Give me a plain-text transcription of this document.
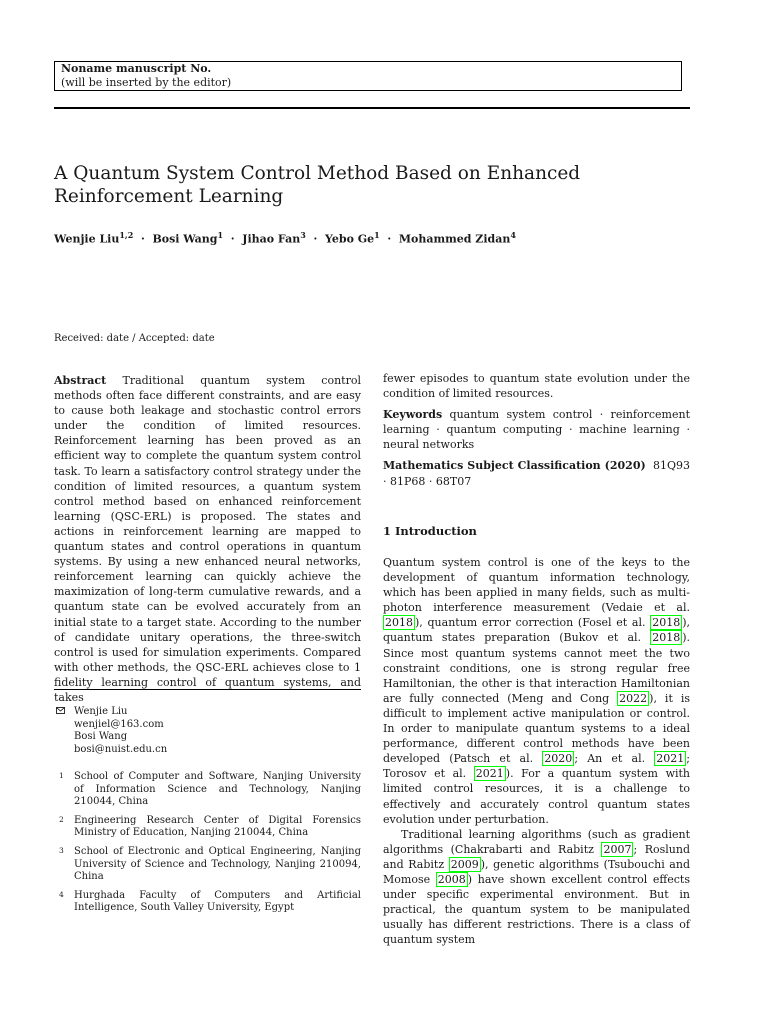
Noname manuscript No.
(will be inserted by the editor)
A Quantum System Control Method Based on Enhanced Reinforcement Learning

Wenjie Liu$^{1,2}$  ·  Bosi Wang$^1$  ·  Jihao Fan$^3$  ·  Yebo Ge$^1$  ·  Mohammed Zidan$^4$

Received: date / Accepted: date

Abstract Traditional quantum system control methods often face different constraints, and are easy to cause both leakage and stochastic control errors under the condition of limited resources. Reinforcement learning has been proved as an efficient way to complete the quantum system control task. To learn a satisfactory control strategy under the condition of limited resources, a quantum system control method based on enhanced reinforcement learning (QSC-ERL) is proposed. The states and actions in reinforcement learning are mapped to quantum states and control operations in quantum systems. By using a new enhanced neural networks, reinforcement learning can quickly achieve the maximization of long-term cumulative rewards, and a quantum state can be evolved accurately from an initial state to a target state. According to the number of candidate unitary operations, the three-switch control is used for simulation experiments. Compared with other methods, the QSC-ERL achieves close to 1 fidelity learning control of quantum systems, and takes

Wenjie Liu
wenjiel@163.com
Bosi Wang
bosi@nuist.edu.cn
1	School of Computer and Software, Nanjing University of Information Science and Technology, Nanjing 210044, China
2	Engineering Research Center of Digital Forensics Ministry of Education, Nanjing 210044, China
3	School of Electronic and Optical Engineering, Nanjing University of Science and Technology, Nanjing 210094, China
4	Hurghada Faculty of Computers and Artificial Intelligence, South Valley University, Egypt

fewer episodes to quantum state evolution under the condition of limited resources.

Keywords quantum system control · reinforcement learning · quantum computing · machine learning · neural networks

Mathematics Subject Classification (2020) 81Q93 · 81P68 · 68T07

1 Introduction

Quantum system control is one of the keys to the development of quantum information technology, which has been applied in many fields, such as multi-photon interference measurement (Vedaie et al. 2018 ), quantum error correction (Fosel et al. 2018 ), quantum states preparation (Bukov et al. 2018 ). Since most quantum systems cannot meet the two constraint conditions, one is strong regular free Hamiltonian, the other is that interaction Hamiltonian are fully connected (Meng and Cong 2022 ), it is difficult to implement active manipulation or control. In order to manipulate quantum systems to a ideal performance, different control methods have been developed (Patsch et al. 2020 ; An et al. 2021 ; Torosov et al. 2021 ). For a quantum system with limited control resources, it is a challenge to effectively and accurately control quantum states evolution under perturbation.

Traditional learning algorithms (such as gradient algorithms (Chakrabarti and Rabitz 2007 ; Roslund and Rabitz 2009 ), genetic algorithms (Tsubouchi and Momose 2008 ) have shown excellent control effects under specific experimental environment. But in practical, the quantum system to be manipulated usually has different restrictions. There is a class of quantum system
